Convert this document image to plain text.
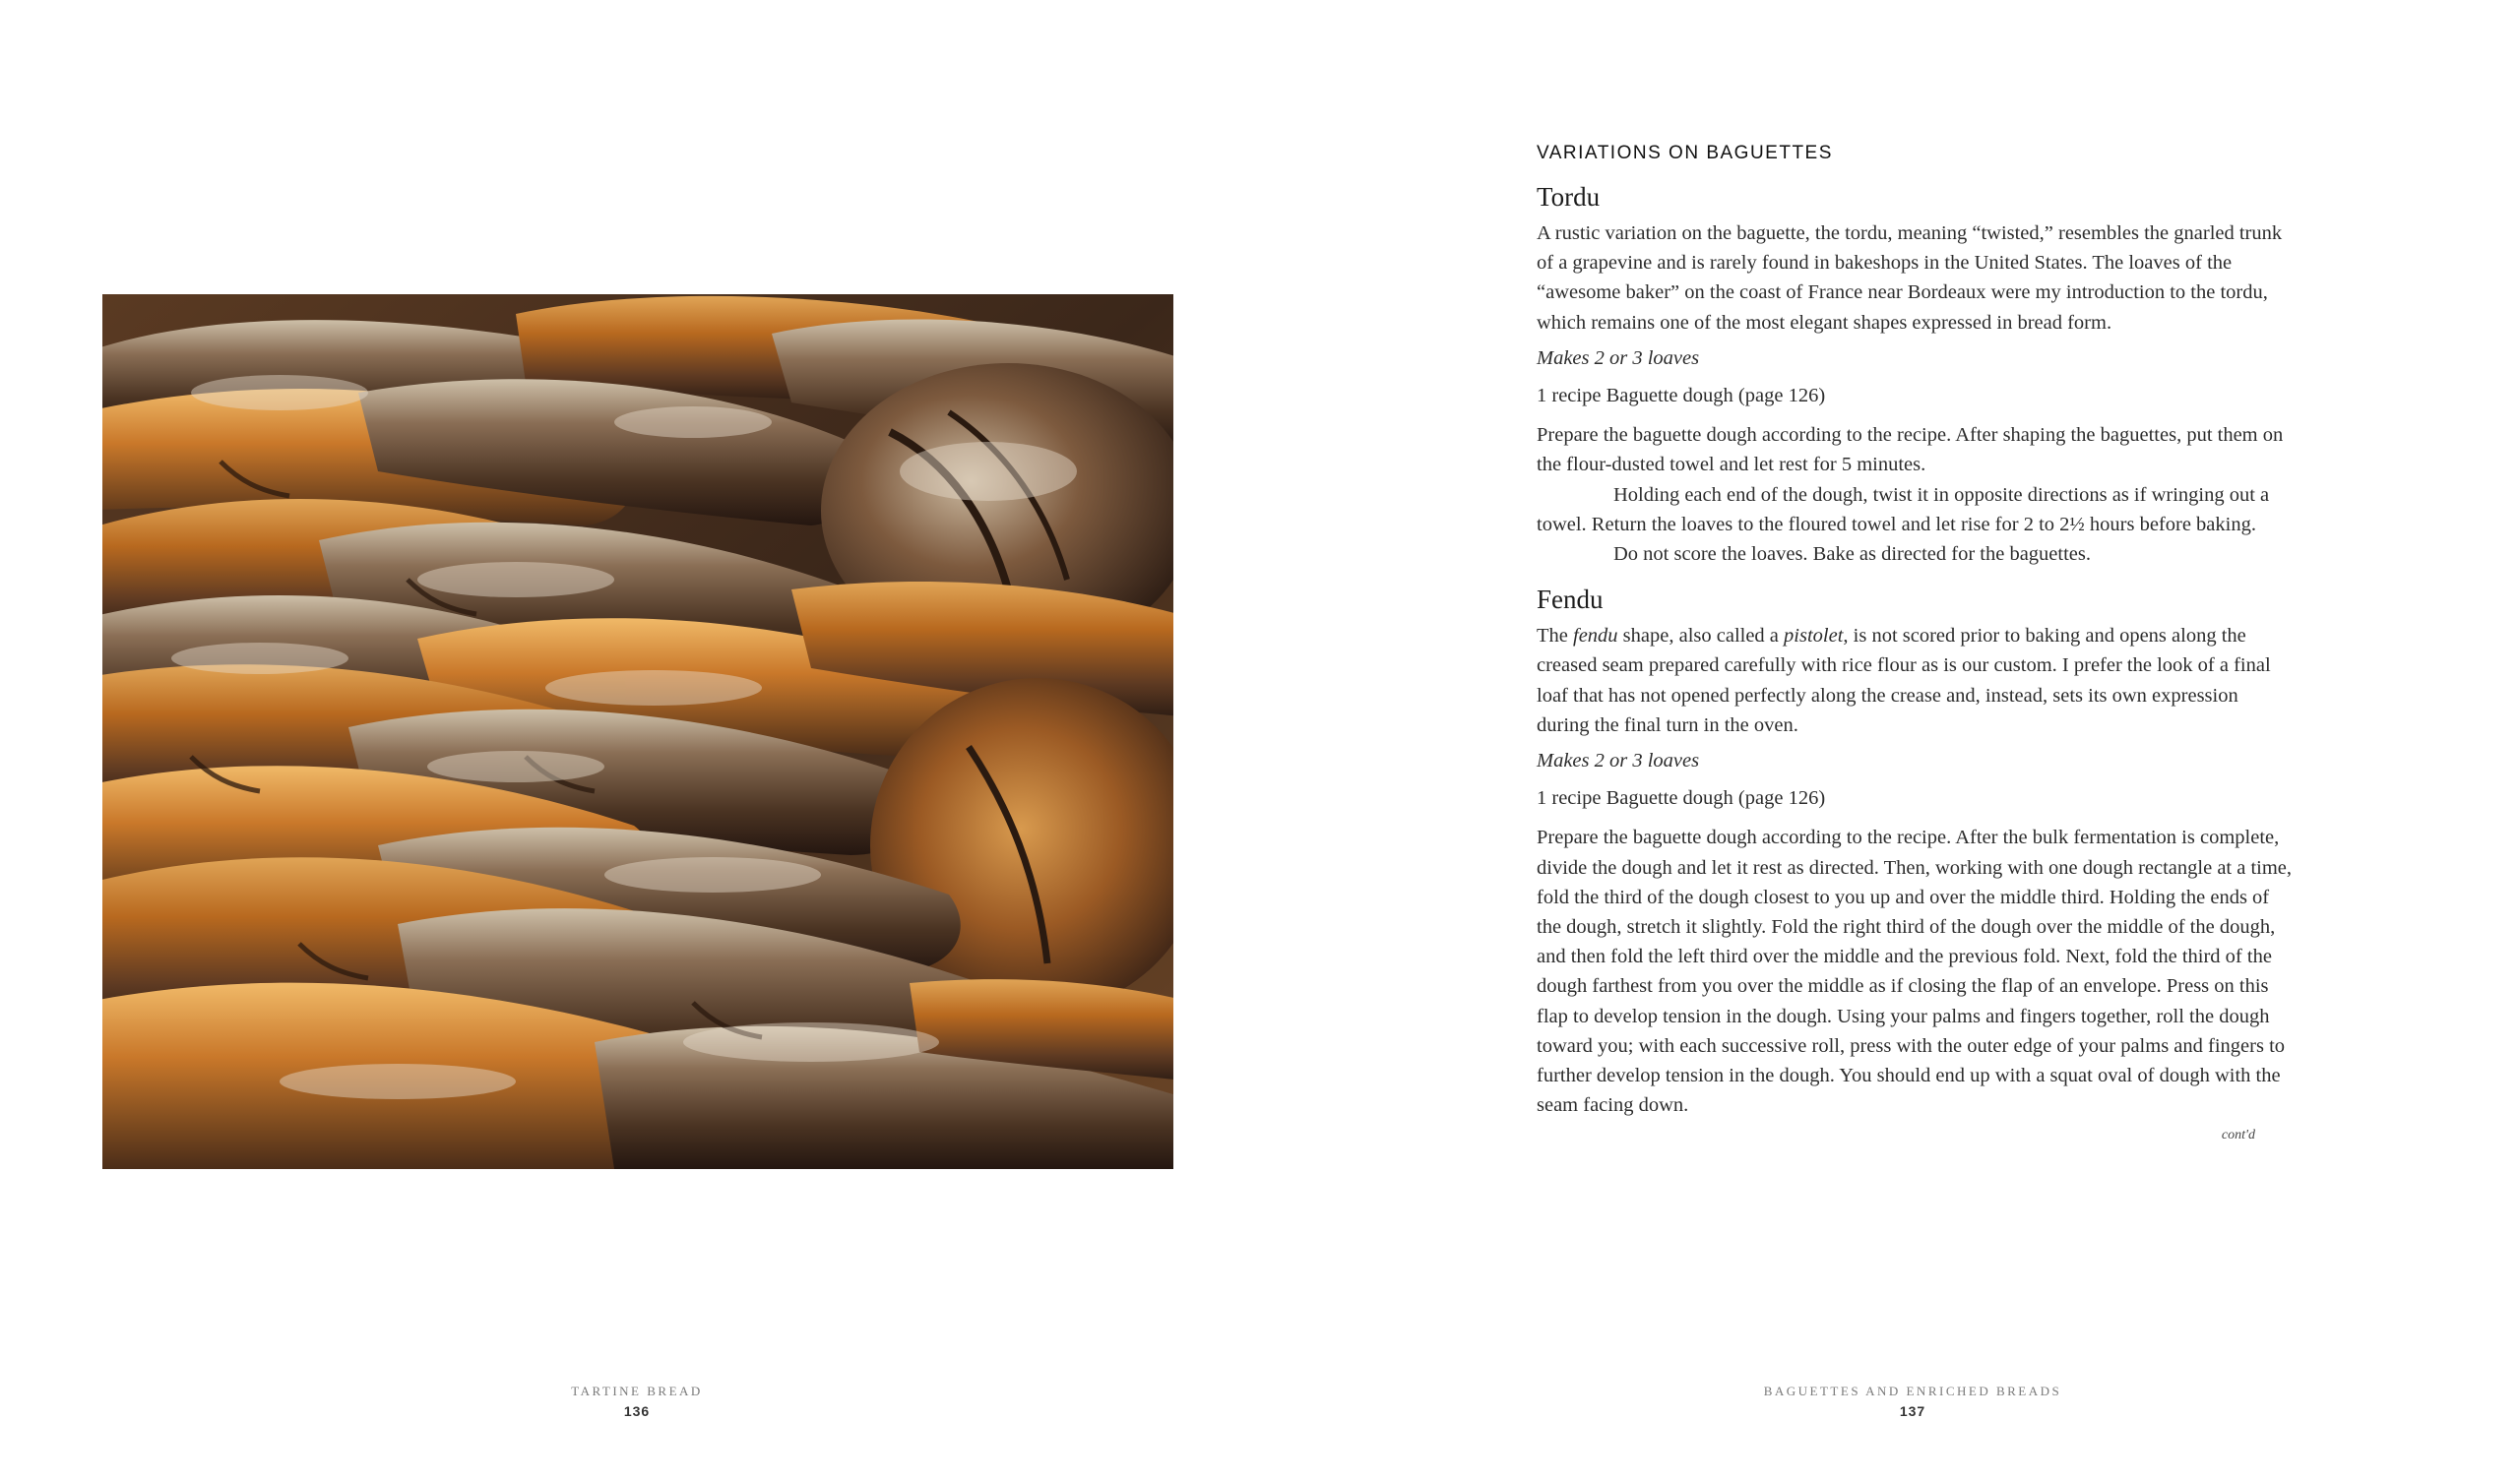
TARTINE BREAD
136
VARIATIONS ON BAGUETTES
Tordu

A rustic variation on the baguette, the tordu, meaning “twisted,” resembles the gnarled trunk of a grapevine and is rarely found in bakeshops in the United States. The loaves of the “awesome baker” on the coast of France near Bordeaux were my introduction to the tordu, which remains one of the most elegant shapes expressed in bread form.

Makes 2 or 3 loaves

1 recipe Baguette dough (page 126)

Prepare the baguette dough according to the recipe. After shaping the baguettes, put them on the flour-dusted towel and let rest for 5 minutes.

Holding each end of the dough, twist it in opposite directions as if wringing out a towel. Return the loaves to the floured towel and let rise for 2 to 2½ hours before baking.

Do not score the loaves. Bake as directed for the baguettes.

Fendu

The fendu shape, also called a pistolet, is not scored prior to baking and opens along the creased seam prepared carefully with rice flour as is our custom. I prefer the look of a final loaf that has not opened perfectly along the crease and, instead, sets its own expression during the final turn in the oven.

Makes 2 or 3 loaves

1 recipe Baguette dough (page 126)

Prepare the baguette dough according to the recipe. After the bulk fermentation is complete, divide the dough and let it rest as directed. Then, working with one dough rectangle at a time, fold the third of the dough closest to you up and over the middle third. Holding the ends of the dough, stretch it slightly. Fold the right third of the dough over the middle of the dough, and then fold the left third over the middle and the previous fold. Next, fold the third of the dough farthest from you over the middle as if closing the flap of an envelope. Press on this flap to develop tension in the dough. Using your palms and fingers together, roll the dough toward you; with each successive roll, press with the outer edge of your palms and fingers to further develop tension in the dough. You should end up with a squat oval of dough with the seam facing down.

cont'd
BAGUETTES AND ENRICHED BREADS
137
